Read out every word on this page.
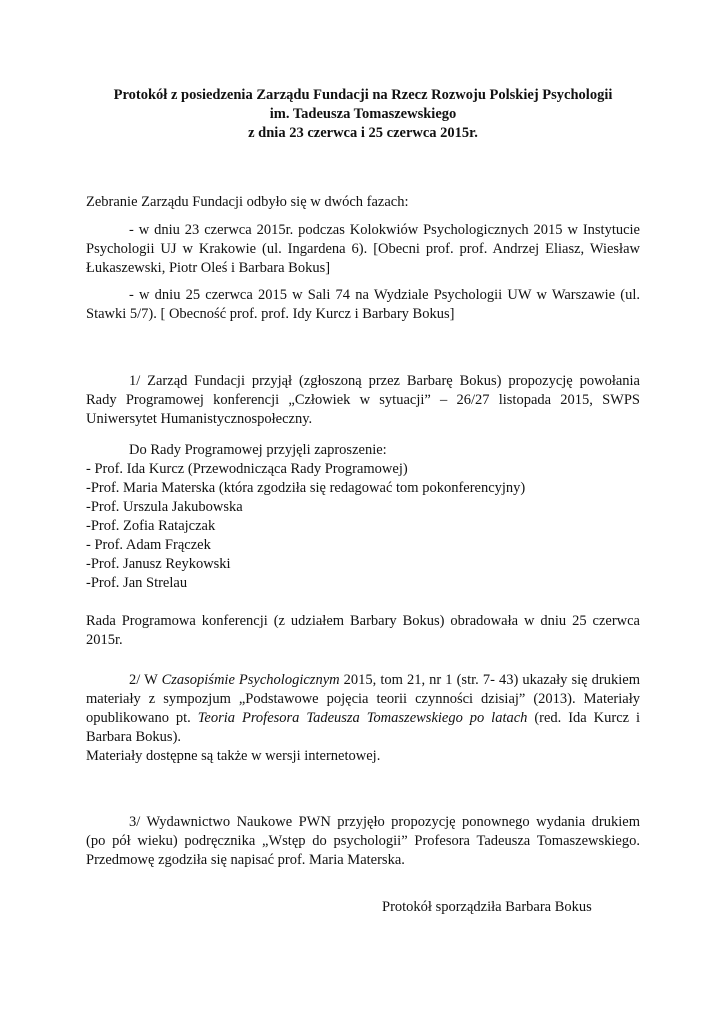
Protokół z posiedzenia Zarządu Fundacji na Rzecz Rozwoju Polskiej Psychologii
im. Tadeusza Tomaszewskiego
z dnia 23 czerwca i 25 czerwca 2015r.

Zebranie Zarządu Fundacji odbyło się w dwóch fazach:

- w dniu 23 czerwca 2015r. podczas Kolokwiów Psychologicznych 2015 w Instytucie Psychologii UJ w Krakowie (ul. Ingardena 6). [Obecni prof. prof. Andrzej Eliasz, Wiesław Łukaszewski, Piotr Oleś i Barbara Bokus]

- w dniu 25 czerwca 2015 w Sali 74 na Wydziale Psychologii UW w Warszawie (ul. Stawki 5/7). [ Obecność prof. prof. Idy Kurcz i Barbary Bokus]

1/ Zarząd Fundacji przyjął (zgłoszoną przez Barbarę Bokus) propozycję powołania Rady Programowej konferencji „Człowiek w sytuacji” – 26/27 listopada 2015, SWPS Uniwersytet Humanistycznospołeczny.

Do Rady Programowej przyjęli zaproszenie:

- Prof. Ida Kurcz (Przewodnicząca Rady Programowej)
-Prof. Maria Materska (która zgodziła się redagować tom pokonferencyjny)
-Prof. Urszula Jakubowska
-Prof. Zofia Ratajczak
- Prof. Adam Frączek
-Prof. Janusz Reykowski
-Prof. Jan Strelau

Rada Programowa konferencji (z udziałem Barbary Bokus) obradowała w dniu 25 czerwca 2015r.

2/ W Czasopiśmie Psychologicznym 2015, tom 21, nr 1 (str. 7- 43) ukazały się drukiem materiały z sympozjum „Podstawowe pojęcia teorii czynności dzisiaj” (2013). Materiały opublikowano pt. Teoria Profesora Tadeusza Tomaszewskiego po latach (red. Ida Kurcz i Barbara Bokus).

Materiały dostępne są także w wersji internetowej.

3/ Wydawnictwo Naukowe PWN przyjęło propozycję ponownego wydania drukiem (po pół wieku) podręcznika „Wstęp do psychologii” Profesora Tadeusza Tomaszewskiego. Przedmowę zgodziła się napisać prof. Maria Materska.

Protokół sporządziła Barbara Bokus
